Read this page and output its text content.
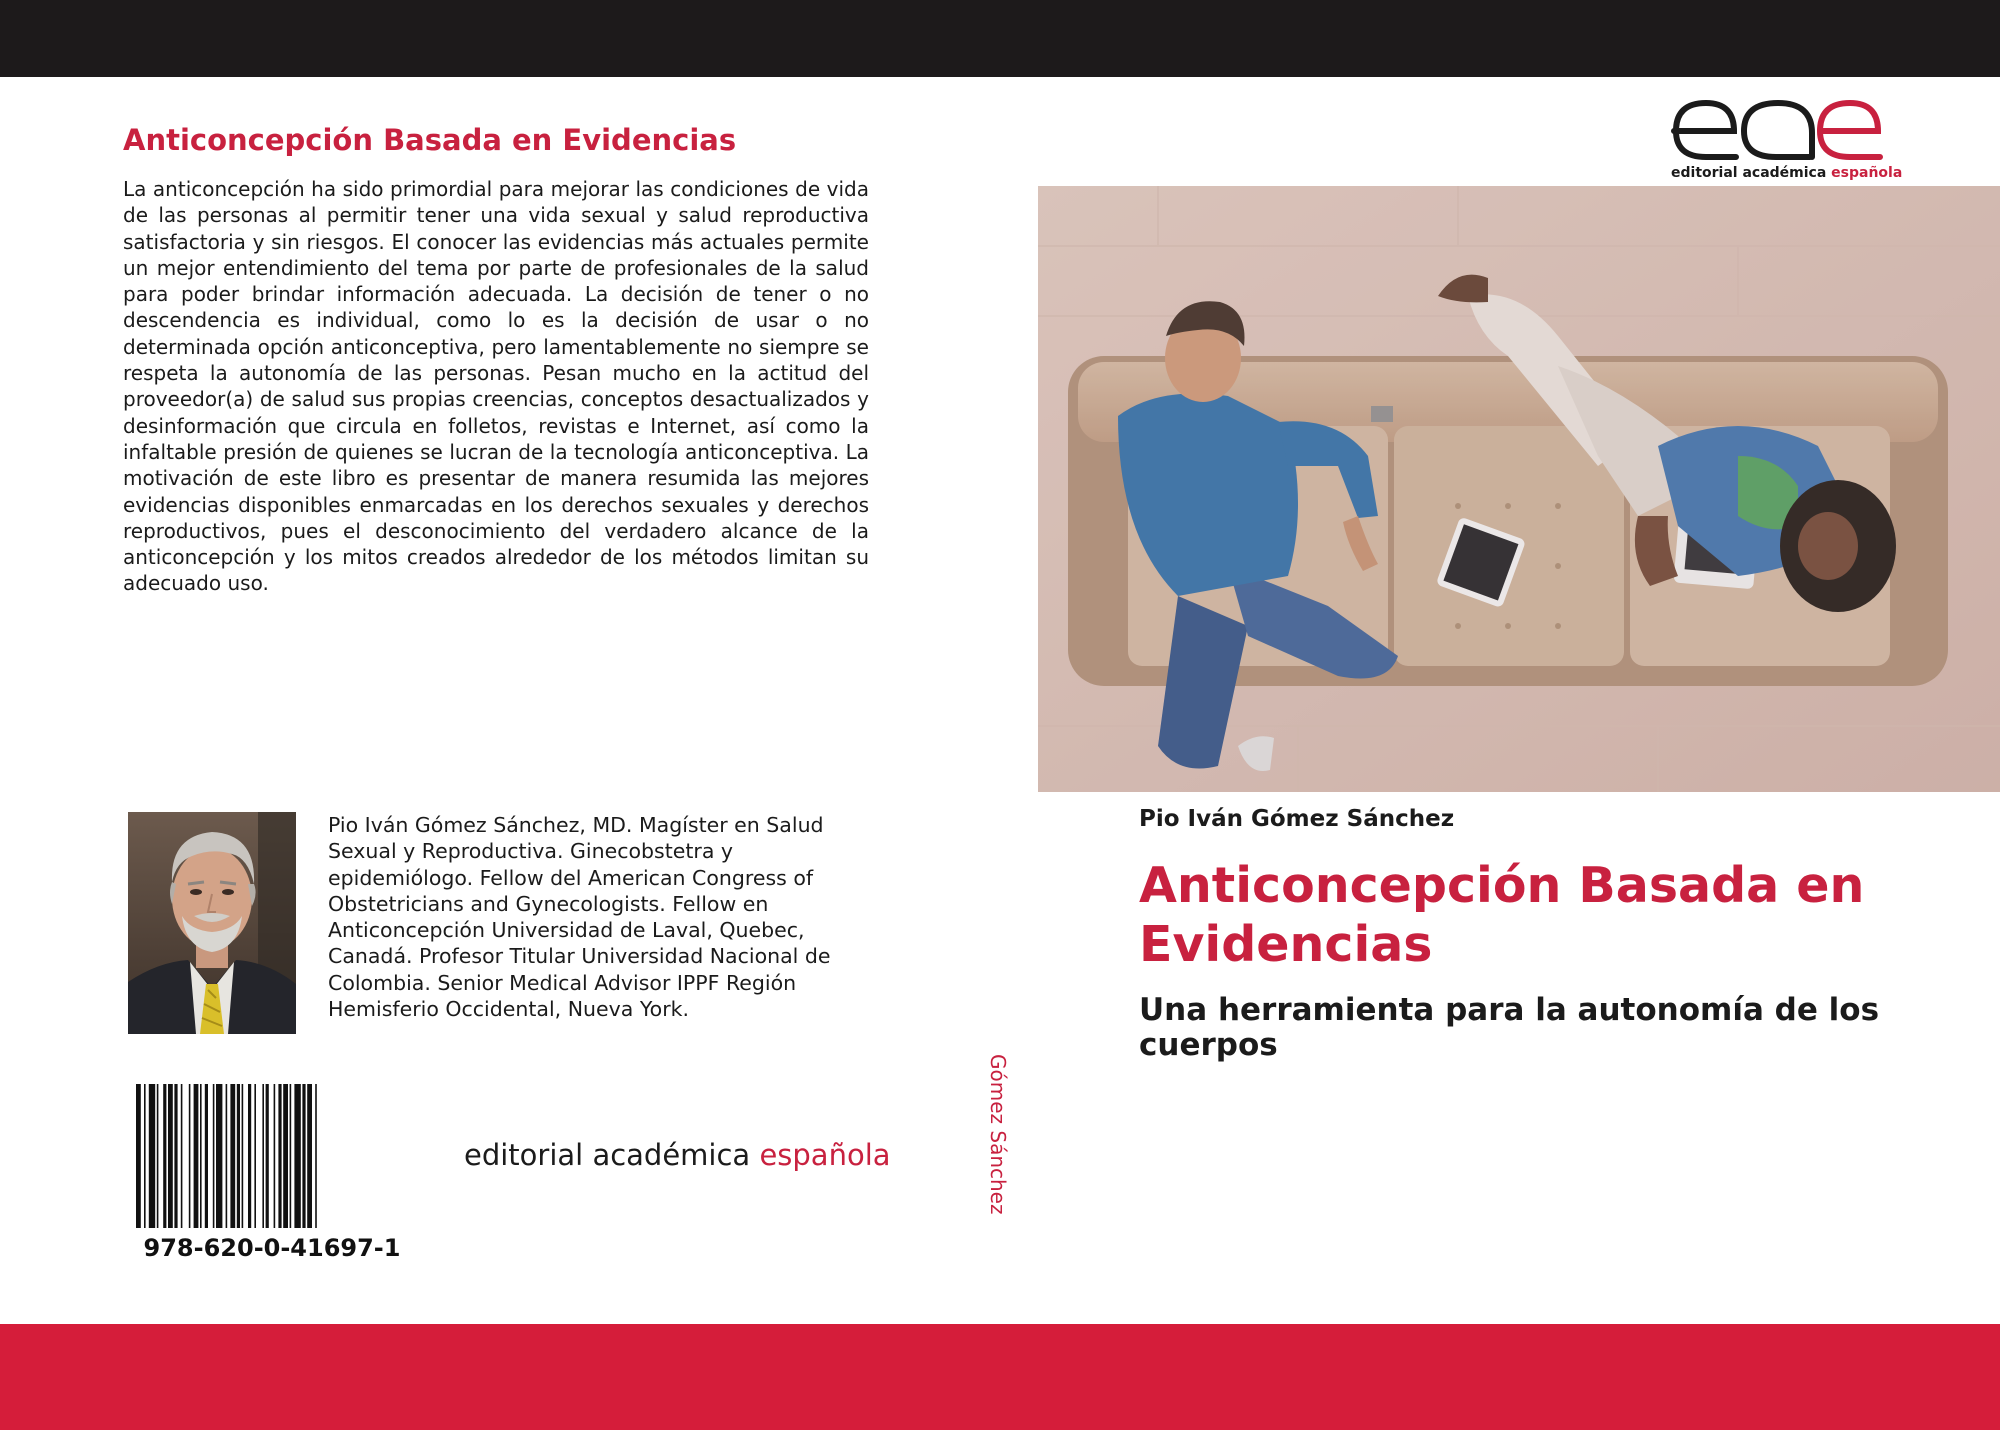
Anticoncepción Basada en Evidencias
La anticoncepción ha sido primordial para mejorar las condiciones de vida de las personas al permitir tener una vida sexual y salud reproductiva satisfactoria y sin riesgos. El conocer las evidencias más actuales permite un mejor entendimiento del tema por parte de profesionales de la salud para poder brindar información adecuada. La decisión de tener o no descendencia es individual, como lo es la decisión de usar o no determinada opción anticonceptiva, pero lamentablemente no siempre se respeta la autonomía de las personas. Pesan mucho en la actitud del proveedor(a) de salud sus propias creencias, conceptos desactualizados y desinformación que circula en folletos, revistas e Internet, así como la infaltable presión de quienes se lucran de la tecnología anticonceptiva. La motivación de este libro es presentar de manera resumida las mejores evidencias disponibles enmarcadas en los derechos sexuales y derechos reproductivos, pues el desconocimiento del verdadero alcance de la anticoncepción y los mitos creados alrededor de los métodos limitan su adecuado uso.
Pio Iván Gómez Sánchez, MD. Magíster en Salud Sexual y Reproductiva. Ginecobstetra y epidemiólogo. Fellow del American Congress of Obstetricians and Gynecologists. Fellow en Anticoncepción Universidad de Laval, Quebec, Canadá. Profesor Titular Universidad Nacional de Colombia. Senior Medical Advisor IPPF Región Hemisferio Occidental, Nueva York.
978-620-0-41697-1
editorial académica española	Gómez Sánchez
editorial académica española
Pio Iván Gómez Sánchez
Anticoncepción Basada en Evidencias
Una herramienta para la autonomía de los cuerpos
